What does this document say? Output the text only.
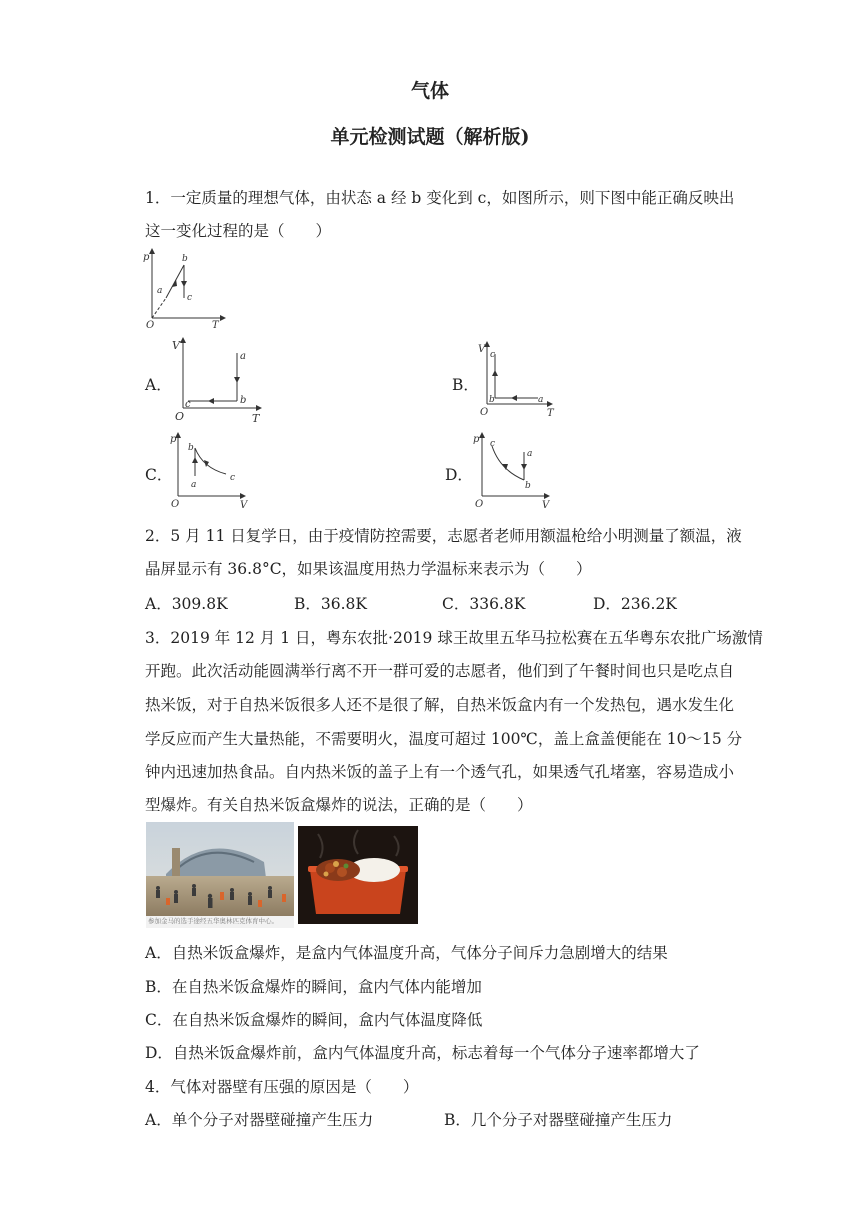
气体
单元检测试题（解析版)
1．一定质量的理想气体，由状态 a 经 b 变化到 c，如图所示，则下图中能正确反映出
这一变化过程的是（　　）
p
T
O
a
b
c
A．
V
T
O
a
b
c
B．
V
T
O
c
b	a
C．
p
V
O
b
a
c	D．
p
V
O
c
a
b
2．5 月 11 日复学日，由于疫情防控需要，志愿者老师用额温枪给小明测量了额温，液
晶屏显示有 36.8°C，如果该温度用热力学温标来表示为（　　）
A．309.8K	B．36.8K	C．336.8K	D．236.2K
3．2019 年 12 月 1 日，粤东农批·2019 球王故里五华马拉松赛在五华粤东农批广场激情
开跑。此次活动能圆满举行离不开一群可爱的志愿者，他们到了午餐时间也只是吃点自
热米饭，对于自热米饭很多人还不是很了解，自热米饭盒内有一个发热包，遇水发生化
学反应而产生大量热能，不需要明火，温度可超过 100℃，盖上盒盖便能在 10～15 分
钟内迅速加热食品。自内热米饭的盖子上有一个透气孔，如果透气孔堵塞，容易造成小
型爆炸。有关自热米饭盒爆炸的说法，正确的是（　　）
参加金马的选手途经五华奥林匹克体育中心。
A．自热米饭盒爆炸，是盒内气体温度升高，气体分子间斥力急剧增大的结果
B．在自热米饭盒爆炸的瞬间，盒内气体内能增加
C．在自热米饭盒爆炸的瞬间，盒内气体温度降低
D．自热米饭盒爆炸前，盒内气体温度升高，标志着每一个气体分子速率都增大了
4．气体对器壁有压强的原因是（　　）
A．单个分子对器壁碰撞产生压力	B．几个分子对器壁碰撞产生压力
